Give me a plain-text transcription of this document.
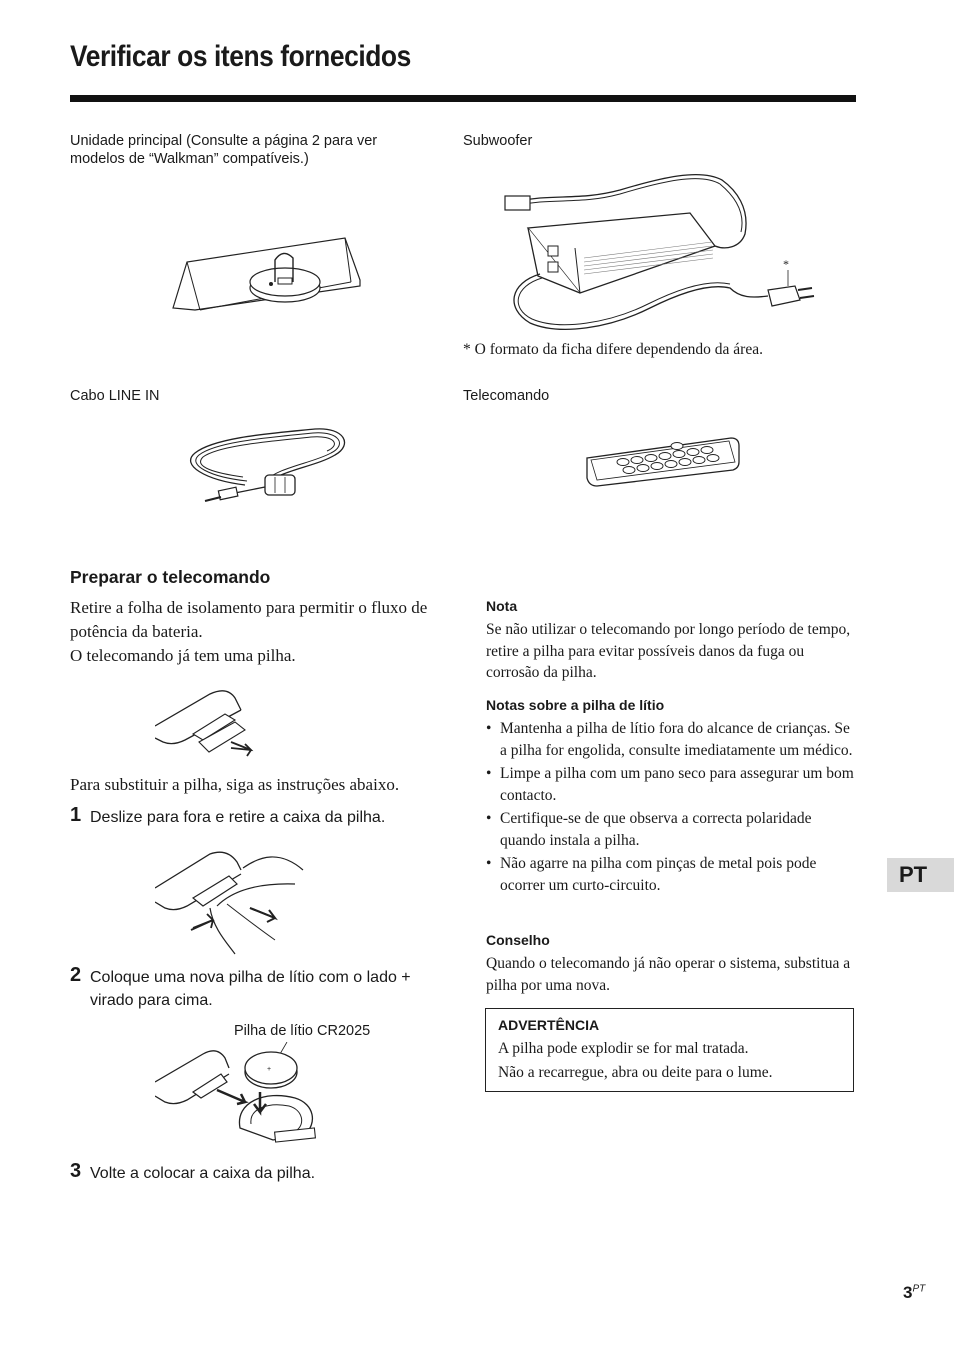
Verificar os itens fornecidos
Unidade principal (Consulte a página 2 para ver modelos de “Walkman” compatíveis.)
Subwoofer
Cabo LINE IN	Telecomando
* O formato da ficha difere dependendo da área.
*
Preparar o telecomando
Retire a folha de isolamento para permitir o fluxo de potência da bateria.
O telecomando já tem uma pilha.
Para substituir a pilha, siga as instruções abaixo.
1 Deslize para fora e retire a caixa da pilha.
2 Coloque uma nova pilha de lítio com o lado + virado para cima.
Pilha de lítio CR2025
+
3 Volte a colocar a caixa da pilha.
Nota
Se não utilizar o telecomando por longo período de tempo, retire a pilha para evitar possíveis danos da fuga ou corrosão da pilha.
Notas sobre a pilha de lítio
• Mantenha a pilha de lítio fora do alcance de crianças. Se a pilha for engolida, consulte imediatamente um médico.
• Limpe a pilha com um pano seco para assegurar um bom contacto.
• Certifique-se de que observa a correcta polaridade quando instala a pilha.
• Não agarre na pilha com pinças de metal pois pode ocorrer um curto-circuito.
Conselho
Quando o telecomando já não operar o sistema, substitua a pilha por uma nova.
ADVERTÊNCIA
A pilha pode explodir se for mal tratada.
Não a recarregue, abra ou deite para o lume.
PT
$3^{PT}$
